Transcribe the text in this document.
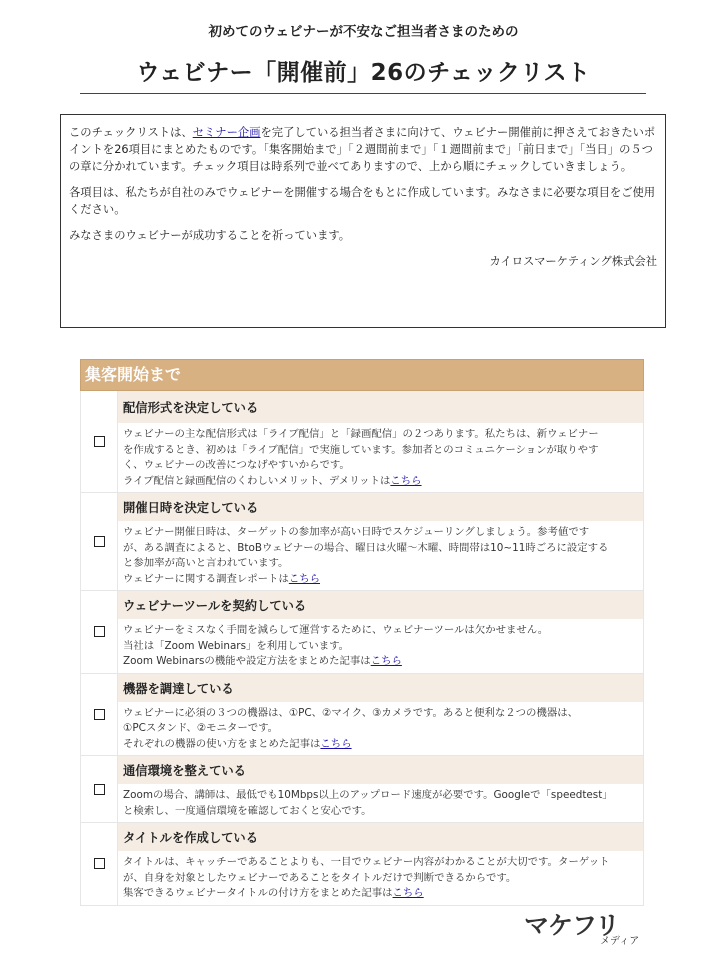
初めてのウェビナーが不安なご担当者さまのための
ウェビナー「開催前」26のチェックリスト

このチェックリストは、セミナー企画を完了している担当者さまに向けて、ウェビナー開催前に押さえておきたいポイントを26項目にまとめたものです。「集客開始まで」「２週間前まで」「１週間前まで」「前日まで」「当日」の５つの章に分かれています。チェック項目は時系列で並べてありますので、上から順にチェックしていきましょう。

各項目は、私たちが自社のみでウェビナーを開催する場合をもとに作成しています。みなさまに必要な項目をご使用ください。

みなさまのウェビナーが成功することを祈っています。

カイロスマーケティング株式会社

集客開始まで
配信形式を決定している
ウェビナーの主な配信形式は「ライブ配信」と「録画配信」の２つあります。私たちは、新ウェビナー
を作成するとき、初めは「ライブ配信」で実施しています。参加者とのコミュニケーションが取りやす
く、ウェビナーの改善につなげやすいからです。
ライブ配信と録画配信のくわしいメリット、デメリットはこちら
開催日時を決定している
ウェビナー開催日時は、ターゲットの参加率が高い日時でスケジューリングしましょう。参考値です
が、ある調査によると、BtoBウェビナーの場合、曜日は火曜〜木曜、時間帯は10~11時ごろに設定する
と参加率が高いと言われています。
ウェビナーに関する調査レポートはこちら
ウェビナーツールを契約している
ウェビナーをミスなく手間を減らして運営するために、ウェビナーツールは欠かせません。
当社は「Zoom Webinars」を利用しています。
Zoom Webinarsの機能や設定方法をまとめた記事はこちら
機器を調達している
ウェビナーに必須の３つの機器は、①PC、②マイク、③カメラです。あると便利な２つの機器は、
①PCスタンド、②モニターです。
それぞれの機器の使い方をまとめた記事はこちら
通信環境を整えている
Zoomの場合、講師は、最低でも10Mbps以上のアップロード速度が必要です。Googleで「speedtest」
と検索し、一度通信環境を確認しておくと安心です。
タイトルを作成している
タイトルは、キャッチーであることよりも、一目でウェビナー内容がわかることが大切です。ターゲット
が、自身を対象としたウェビナーであることをタイトルだけで判断できるからです。
集客できるウェビナータイトルの付け方をまとめた記事はこちら
マケフリ
メディア
